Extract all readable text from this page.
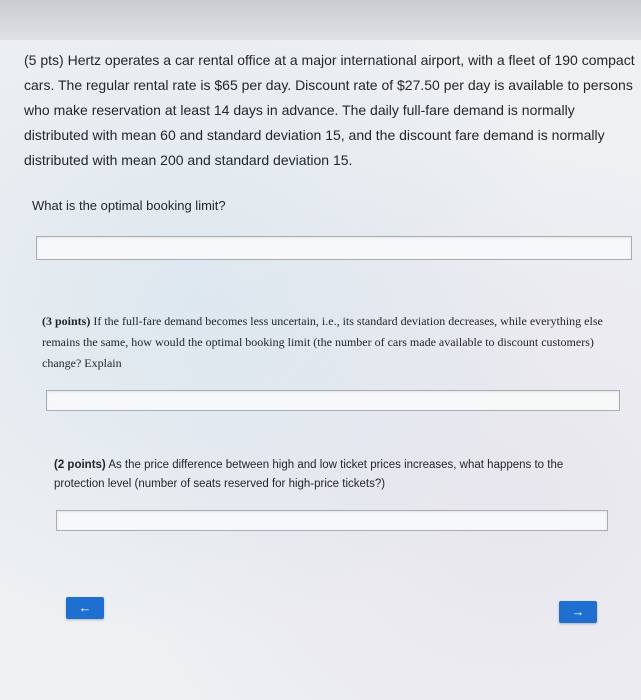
(5 pts) Hertz operates a car rental office at a major international airport, with a fleet of 190 compact cars. The regular rental rate is $65 per day. Discount rate of $27.50 per day is available to persons who make reservation at least 14 days in advance. The daily full-fare demand is normally distributed with mean 60 and standard deviation 15, and the discount fare demand is normally distributed with mean 200 and standard deviation 15.

What is the optimal booking limit?

(3 points) If the full-fare demand becomes less uncertain, i.e., its standard deviation decreases, while everything else remains the same, how would the optimal booking limit (the number of cars made available to discount customers) change? Explain

(2 points) As the price difference between high and low ticket prices increases, what happens to the protection level (number of seats reserved for high-price tickets?)

←	→
